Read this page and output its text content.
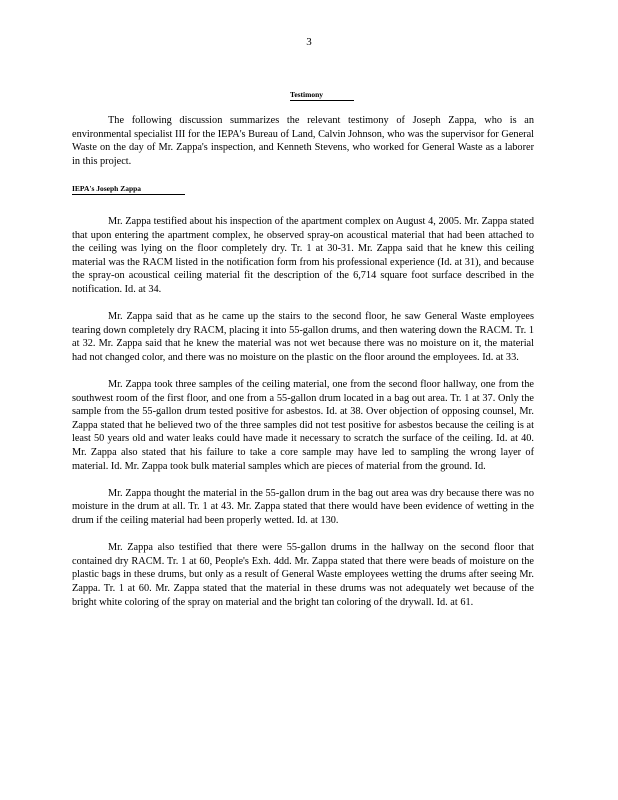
3
Testimony

The following discussion summarizes the relevant testimony of Joseph Zappa, who is an environmental specialist III for the IEPA's Bureau of Land, Calvin Johnson, who was the supervisor for General Waste on the day of Mr. Zappa's inspection, and Kenneth Stevens, who worked for General Waste as a laborer in this project.

IEPA's Joseph Zappa

Mr. Zappa testified about his inspection of the apartment complex on August 4, 2005. Mr. Zappa stated that upon entering the apartment complex, he observed spray-on acoustical material that had been attached to the ceiling was lying on the floor completely dry. Tr. 1 at 30-31. Mr. Zappa said that he knew this ceiling material was the RACM listed in the notification form from his professional experience (Id. at 31), and because the spray-on acoustical ceiling material fit the description of the 6,714 square foot surface described in the notification. Id. at 34.

Mr. Zappa said that as he came up the stairs to the second floor, he saw General Waste employees tearing down completely dry RACM, placing it into 55-gallon drums, and then watering down the RACM. Tr. 1 at 32. Mr. Zappa said that he knew the material was not wet because there was no moisture on it, the material had not changed color, and there was no moisture on the plastic on the floor around the employees. Id. at 33.

Mr. Zappa took three samples of the ceiling material, one from the second floor hallway, one from the southwest room of the first floor, and one from a 55-gallon drum located in a bag out area. Tr. 1 at 37. Only the sample from the 55-gallon drum tested positive for asbestos. Id. at 38. Over objection of opposing counsel, Mr. Zappa stated that he believed two of the three samples did not test positive for asbestos because the ceiling is at least 50 years old and water leaks could have made it necessary to scratch the surface of the ceiling. Id. at 40. Mr. Zappa also stated that his failure to take a core sample may have led to sampling the wrong layer of material. Id. Mr. Zappa took bulk material samples which are pieces of material from the ground. Id.

Mr. Zappa thought the material in the 55-gallon drum in the bag out area was dry because there was no moisture in the drum at all. Tr. 1 at 43. Mr. Zappa stated that there would have been evidence of wetting in the drum if the ceiling material had been properly wetted. Id. at 130.

Mr. Zappa also testified that there were 55-gallon drums in the hallway on the second floor that contained dry RACM. Tr. 1 at 60, People's Exh. 4dd. Mr. Zappa stated that there were beads of moisture on the plastic bags in these drums, but only as a result of General Waste employees wetting the drums after seeing Mr. Zappa. Tr. 1 at 60. Mr. Zappa stated that the material in these drums was not adequately wet because of the bright white coloring of the spray on material and the bright tan coloring of the drywall. Id. at 61.
